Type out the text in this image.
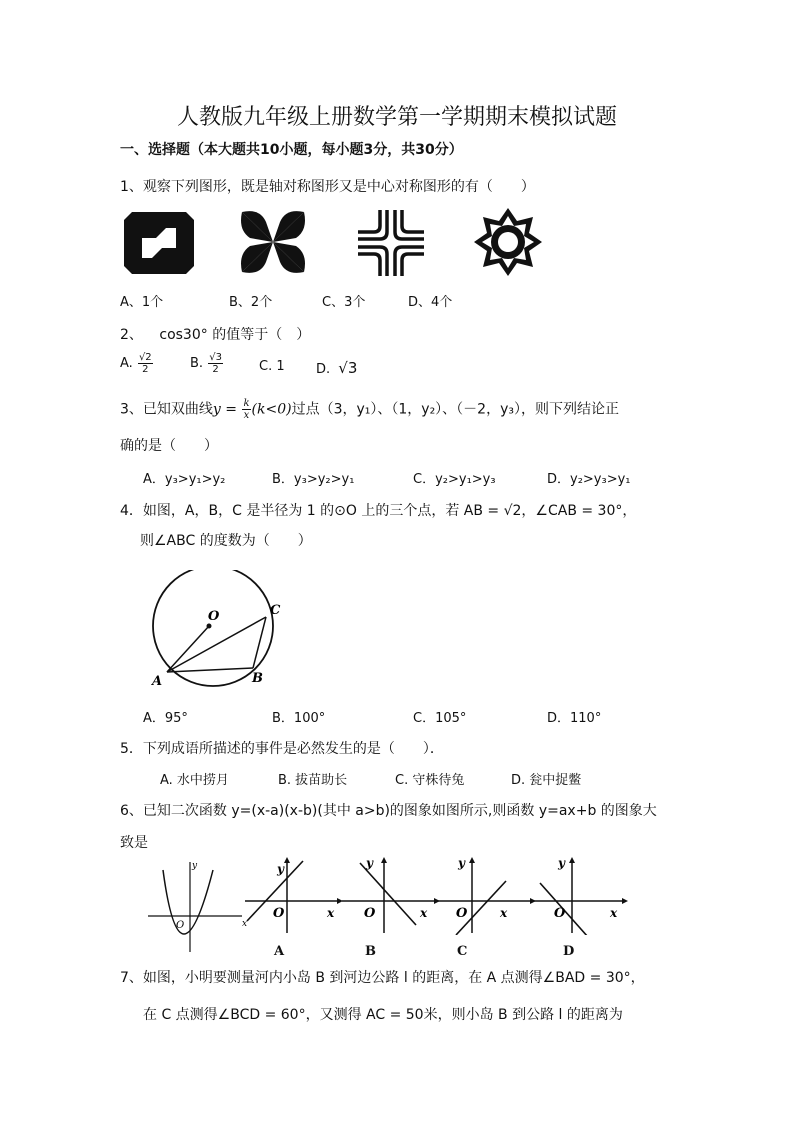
人教版九年级上册数学第一学期期末模拟试题
一、选择题（本大题共10小题，每小题3分，共30分）
1、观察下列图形，既是轴对称图形又是中心对称图形的有（　　）
A、1个	B、2个	C、3个	D、4个
2、 cos30° 的值等于（　）
A. $\frac{√2}{2}$	B. $\frac{√3}{2}$	C. 1 D. √3
3、已知双曲线$y = \frac{k}{x} (k<0)$过点（3，y₁）、（1，y₂）、（－2，y₃），则下列结论正
确的是（　　）
A．y₃>y₁>y₂	B．y₃>y₂>y₁	C．y₂>y₁>y₃	D．y₂>y₃>y₁
4．如图，A，B，C 是半径为 1 的⊙O 上的三个点，若 AB = √2，∠CAB = 30°，
则∠ABC 的度数为（　　）
O
A	B
C
A．95°	B．100°	C．105°	D．110°
5．下列成语所描述的事件是必然发生的是（　　）．
A. 水中捞月	B. 拔苗助长	C. 守株待兔	D. 瓮中捉鳖
6、已知二次函数 y=(x-a)(x-b)(其中 a>b)的图象如图所示,则函数 y=ax+b 的图象大
致是
y
x
O
y
x
O
A
y
x
O
B
y
x
O
C
y
x
O
D
7、如图，小明要测量河内小岛 B 到河边公路 l 的距离，在 A 点测得∠BAD = 30°，
在 C 点测得∠BCD = 60°，又测得 AC = 50米，则小岛 B 到公路 l 的距离为
